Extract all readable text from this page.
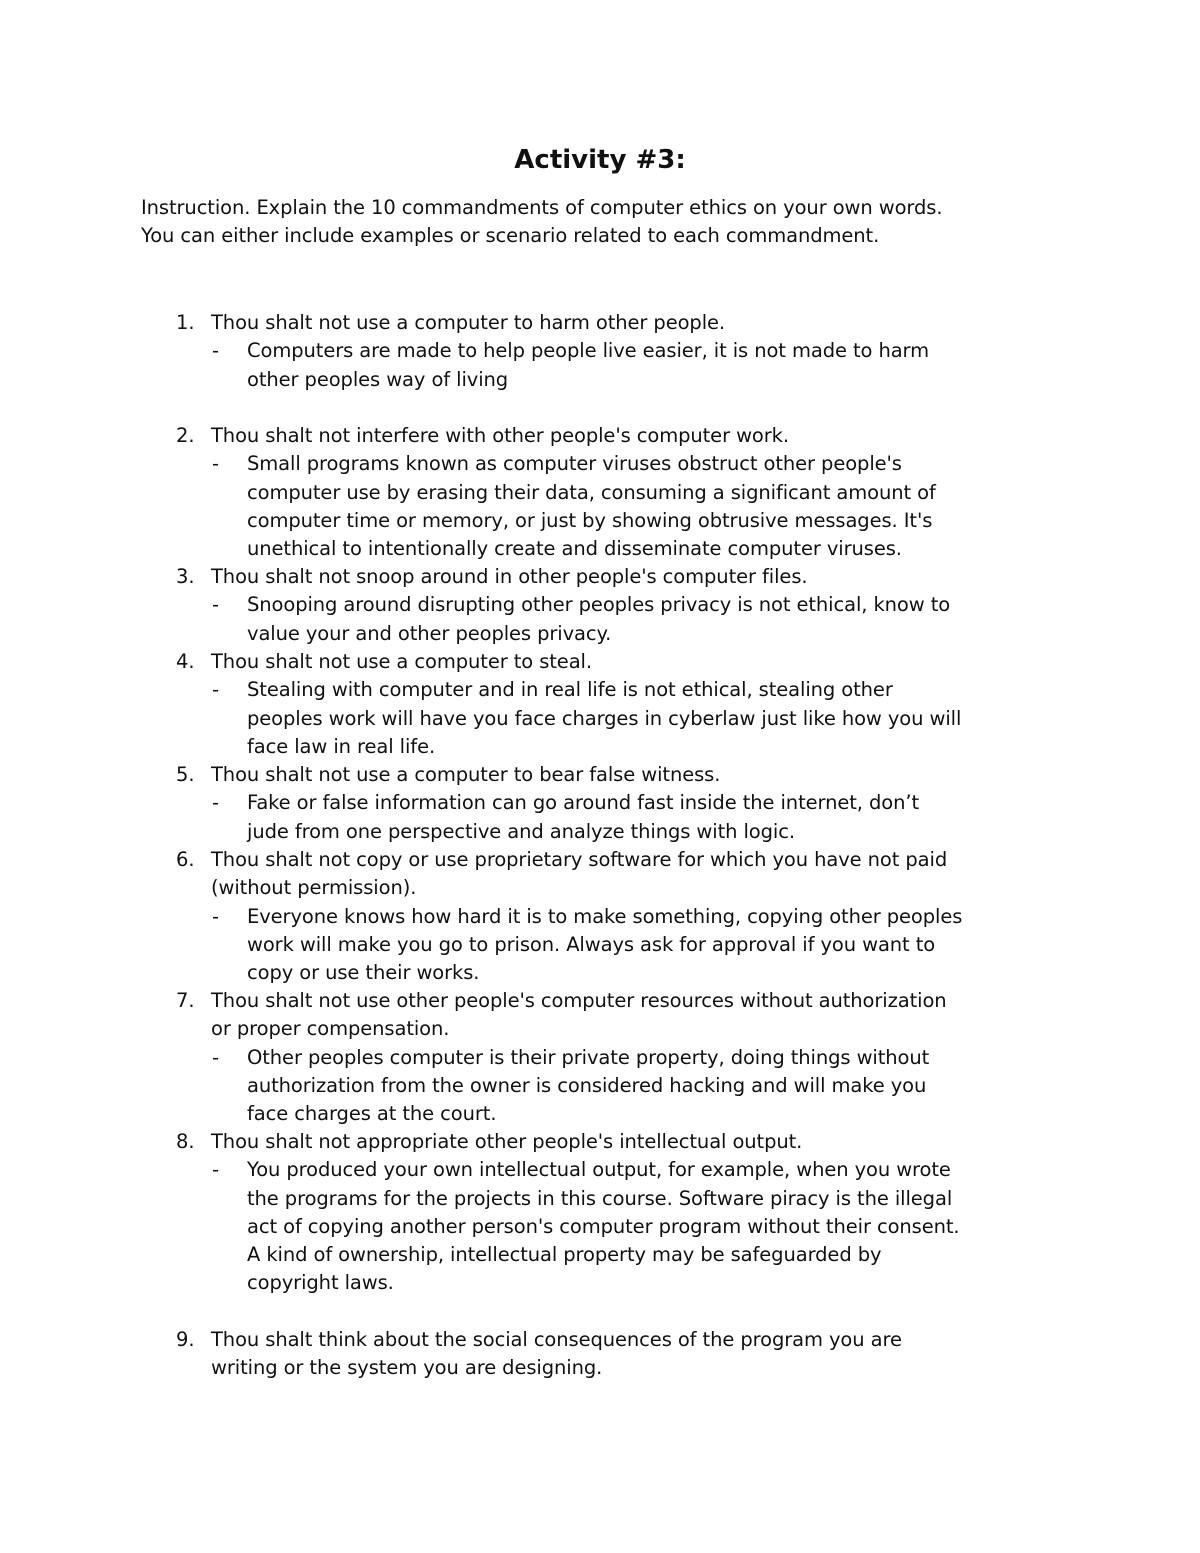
Activity #3:
Instruction. Explain the 10 commandments of computer ethics on your own words.
You can either include examples or scenario related to each commandment.
1. Thou shalt not use a computer to harm other people.
- Computers are made to help people live easier, it is not made to harm
other peoples way of living
2. Thou shalt not interfere with other people's computer work.
- Small programs known as computer viruses obstruct other people's
computer use by erasing their data, consuming a significant amount of
computer time or memory, or just by showing obtrusive messages. It's
unethical to intentionally create and disseminate computer viruses.
3. Thou shalt not snoop around in other people's computer files.
- Snooping around disrupting other peoples privacy is not ethical, know to
value your and other peoples privacy.
4. Thou shalt not use a computer to steal.
- Stealing with computer and in real life is not ethical, stealing other
peoples work will have you face charges in cyberlaw just like how you will
face law in real life.
5. Thou shalt not use a computer to bear false witness.
- Fake or false information can go around fast inside the internet, don’t
jude from one perspective and analyze things with logic.
6. Thou shalt not copy or use proprietary software for which you have not paid
(without permission).
- Everyone knows how hard it is to make something, copying other peoples
work will make you go to prison. Always ask for approval if you want to
copy or use their works.
7. Thou shalt not use other people's computer resources without authorization
or proper compensation.
- Other peoples computer is their private property, doing things without
authorization from the owner is considered hacking and will make you
face charges at the court.
8. Thou shalt not appropriate other people's intellectual output.
- You produced your own intellectual output, for example, when you wrote
the programs for the projects in this course. Software piracy is the illegal
act of copying another person's computer program without their consent.
A kind of ownership, intellectual property may be safeguarded by
copyright laws.
9. Thou shalt think about the social consequences of the program you are
writing or the system you are designing.
